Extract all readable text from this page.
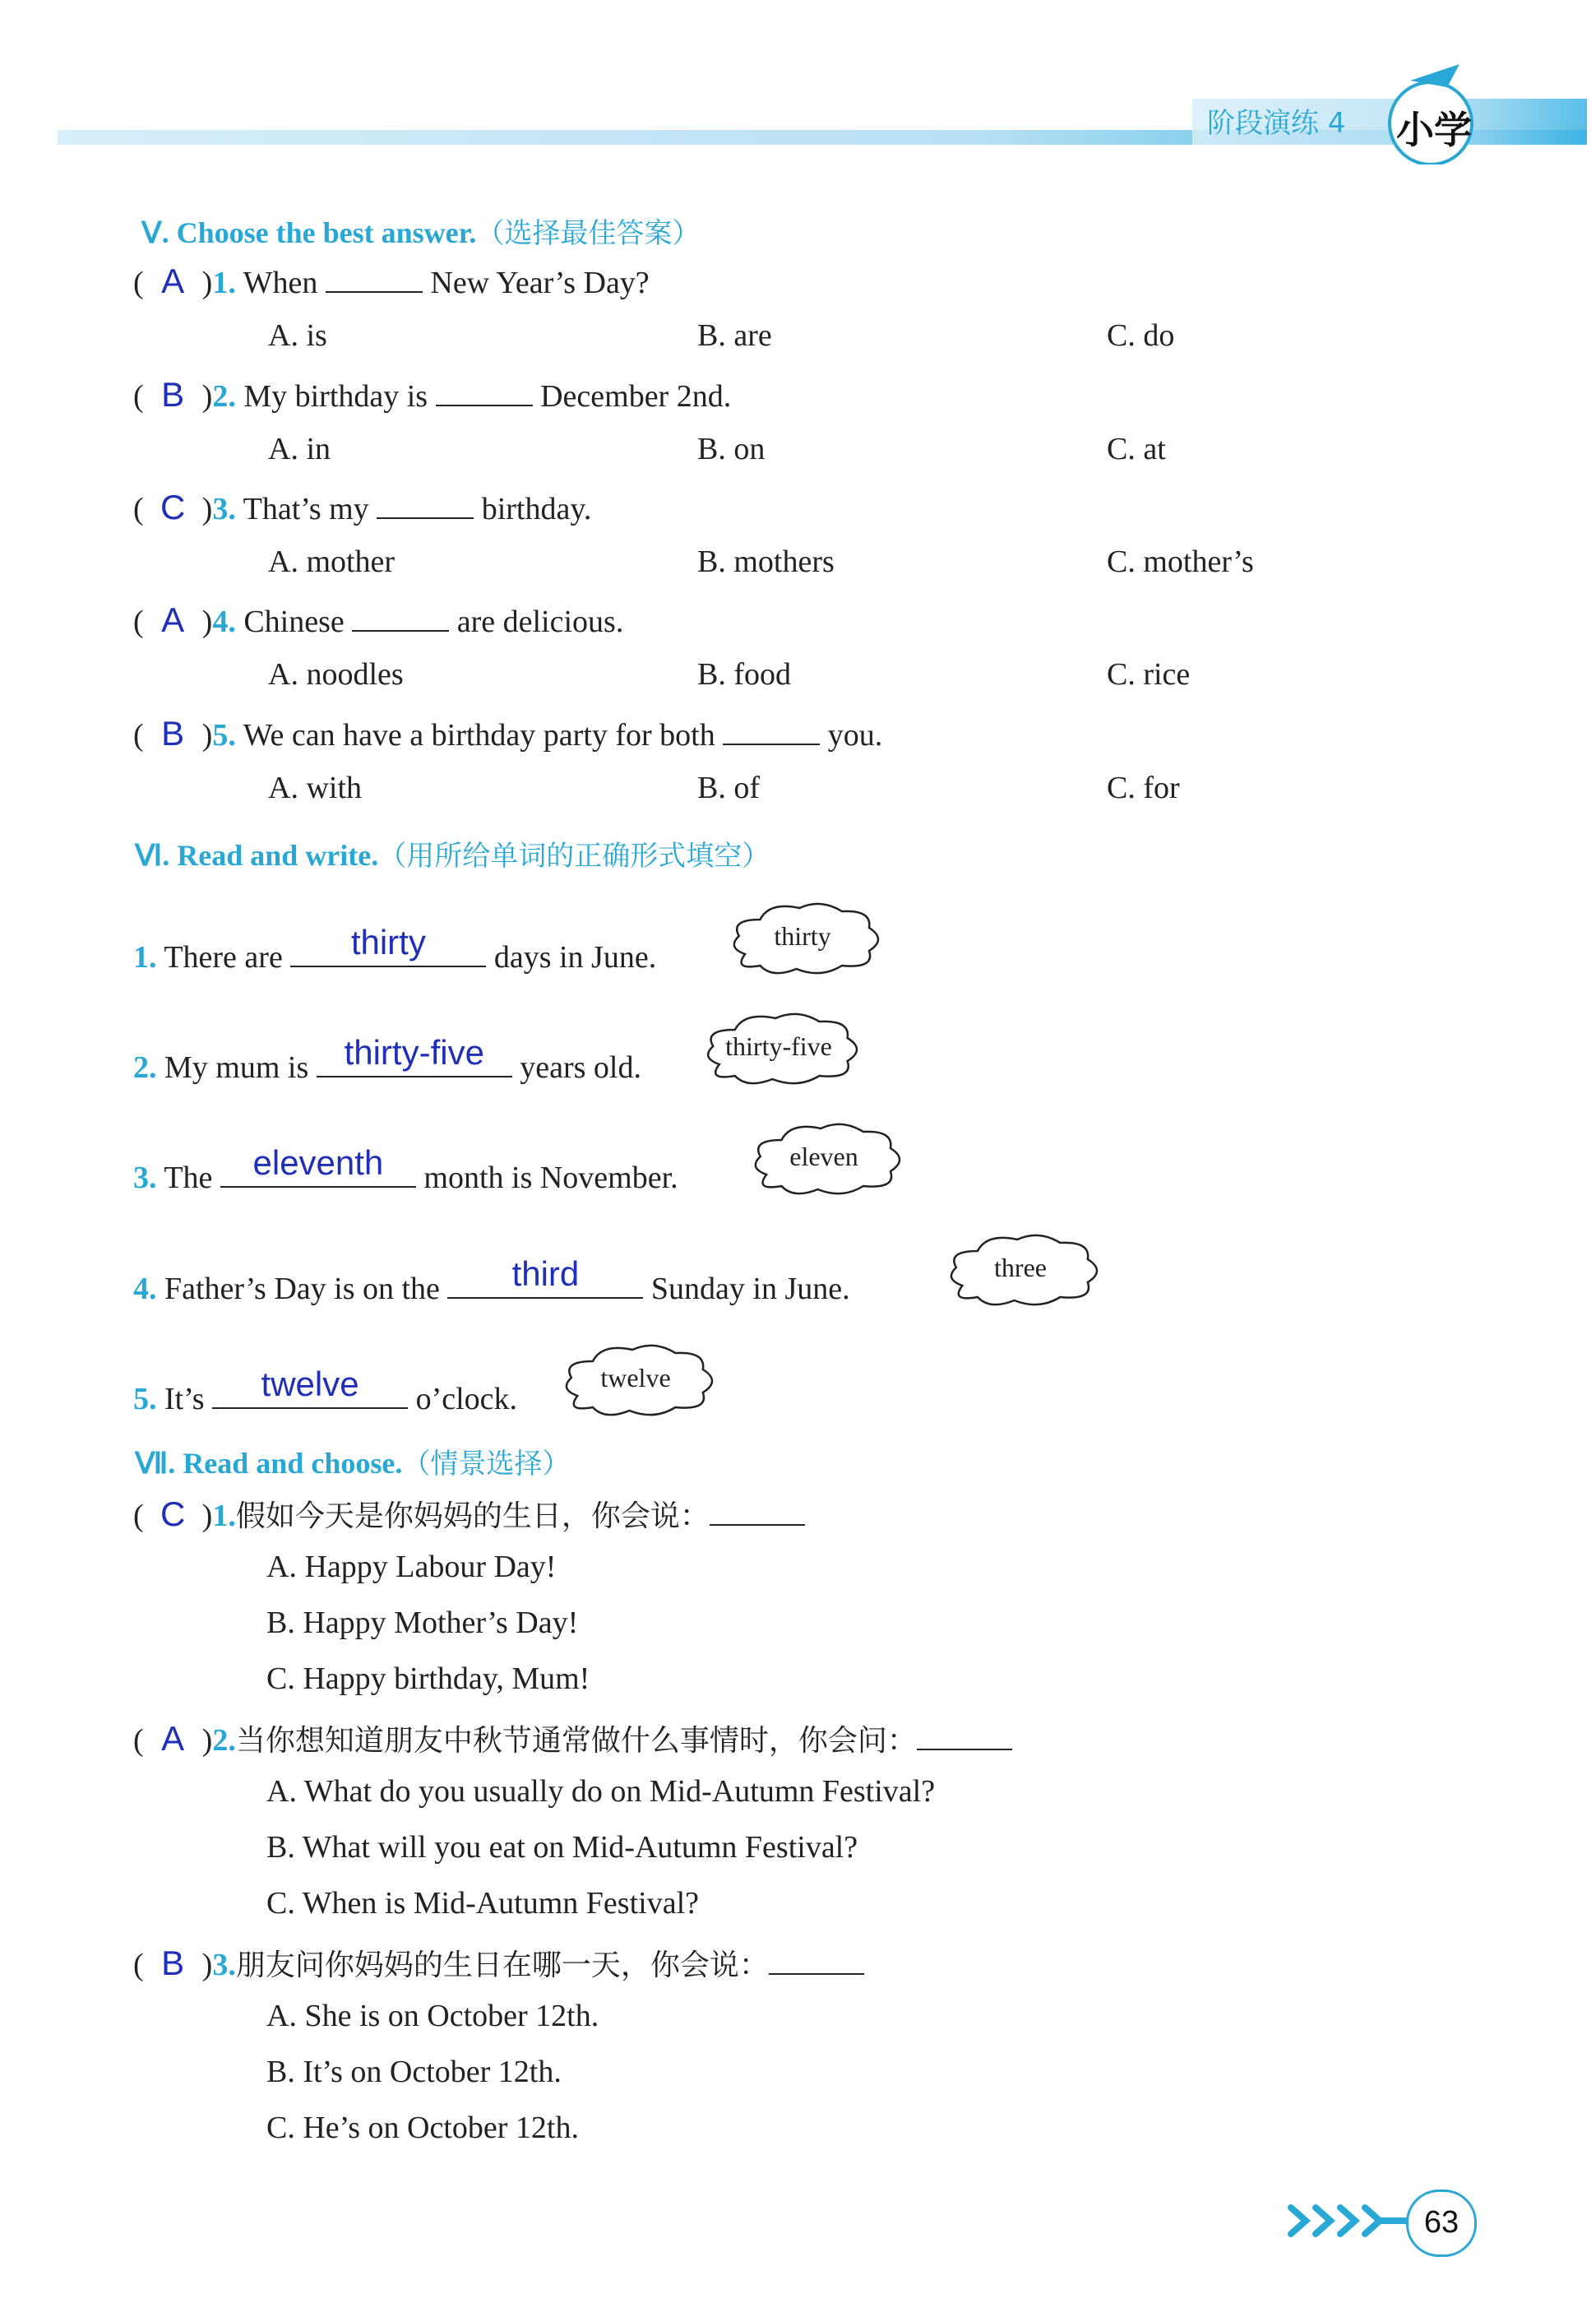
阶段演练 4 小学
Ⅴ. Choose the best answer.（选择最佳答案）
( A )1. When	New Year’s Day?
A. is	B. are	C. do
( B )2. My birthday is	December 2nd.
A. in	B. on	C. at
( C )3. That’s my	birthday.
A. mother	B. mothers	C. mother’s
( A )4. Chinese	are delicious.
A. noodles	B. food	C. rice
( B )5. We can have a birthday party for both	you.
A. with	B. of	C. for
Ⅵ. Read and write.（用所给单词的正确形式填空）
1. There are	thirty	days in June.
thirty
2. My mum is	thirty-five	years old.
thirty-five
3. The	eleventh	month is November.
eleven
4. Father’s Day is on the	third	Sunday in June.
three
5. It’s	twelve	o’clock.
twelve
Ⅶ. Read and choose.（情景选择）
( C )1.假如今天是你妈妈的生日，你会说：
A. Happy Labour Day!
B. Happy Mother’s Day!
C. Happy birthday, Mum!
( A )2.当你想知道朋友中秋节通常做什么事情时，你会问：
A. What do you usually do on Mid-Autumn Festival?
B. What will you eat on Mid-Autumn Festival?
C. When is Mid-Autumn Festival?
( B )3.朋友问你妈妈的生日在哪一天，你会说：
A. She is on October 12th.
B. It’s on October 12th.
C. He’s on October 12th.
63
